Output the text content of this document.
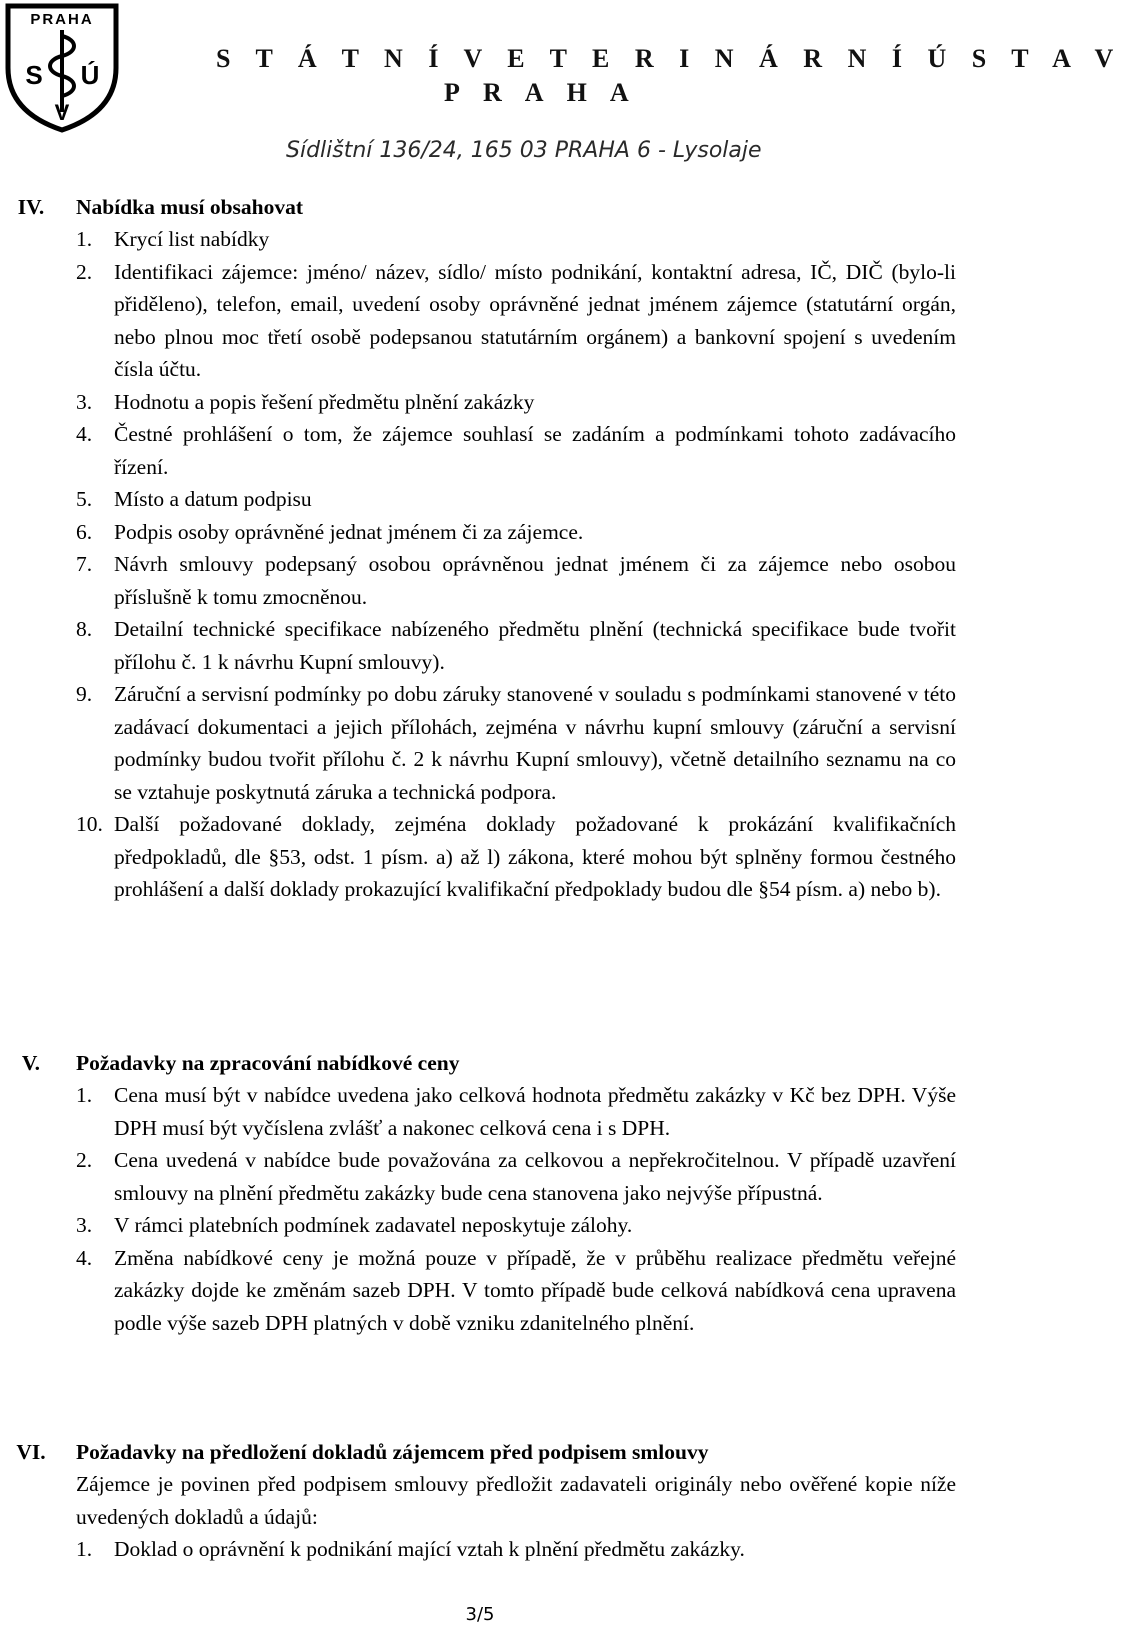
PRAHA
S Ú
V
S T Á T N Í V E T E R I N Á R N Í Ú S T A V
P R A H A
Sídlištní 136/24, 165 03 PRAHA 6 - Lysolaje
IV.	Nabídka musí obsahovat
1.	Krycí list nabídky
2.	Identifikaci zájemce: jméno/ název, sídlo/ místo podnikání, kontaktní adresa, IČ, DIČ (bylo-li přiděleno), telefon, email, uvedení osoby oprávněné jednat jménem zájemce (statutární orgán, nebo plnou moc třetí osobě podepsanou statutárním orgánem) a bankovní spojení s uvedením čísla účtu.
3.	Hodnotu a popis řešení předmětu plnění zakázky
4.	Čestné prohlášení o tom, že zájemce souhlasí se zadáním a podmínkami tohoto zadávacího řízení.
5.	Místo a datum podpisu
6.	Podpis osoby oprávněné jednat jménem či za zájemce.
7.	Návrh smlouvy podepsaný osobou oprávněnou jednat jménem či za zájemce nebo osobou příslušně k tomu zmocněnou.
8.	Detailní technické specifikace nabízeného předmětu plnění (technická specifikace bude tvořit přílohu č. 1 k návrhu Kupní smlouvy).
9.	Záruční a servisní podmínky po dobu záruky stanovené v souladu s podmínkami stanovené v této zadávací dokumentaci a jejich přílohách, zejména v návrhu kupní smlouvy (záruční a servisní podmínky budou tvořit přílohu č. 2 k návrhu Kupní smlouvy), včetně detailního seznamu na co se vztahuje poskytnutá záruka a technická podpora.
10. Další požadované doklady, zejména doklady požadované k prokázání kvalifikačních předpokladů, dle §53, odst. 1 písm. a) až l) zákona, které mohou být splněny formou čestného prohlášení a další doklady prokazující kvalifikační předpoklady budou dle §54 písm. a) nebo b).
V.	Požadavky na zpracování nabídkové ceny
1.	Cena musí být v nabídce uvedena jako celková hodnota předmětu zakázky v Kč bez DPH. Výše DPH musí být vyčíslena zvlášť a nakonec celková cena i s DPH.
2.	Cena uvedená v nabídce bude považována za celkovou a nepřekročitelnou. V případě uzavření smlouvy na plnění předmětu zakázky bude cena stanovena jako nejvýše přípustná.
3.	V rámci platebních podmínek zadavatel neposkytuje zálohy.
4.	Změna nabídkové ceny je možná pouze v případě, že v průběhu realizace předmětu veřejné zakázky dojde ke změnám sazeb DPH. V tomto případě bude celková nabídková cena upravena podle výše sazeb DPH platných v době vzniku zdanitelného plnění.
VI.	Požadavky na předložení dokladů zájemcem před podpisem smlouvy
Zájemce je povinen před podpisem smlouvy předložit zadavateli originály nebo ověřené kopie níže uvedených dokladů a údajů:
1.	Doklad o oprávnění k podnikání mající vztah k plnění předmětu zakázky.
3/5
